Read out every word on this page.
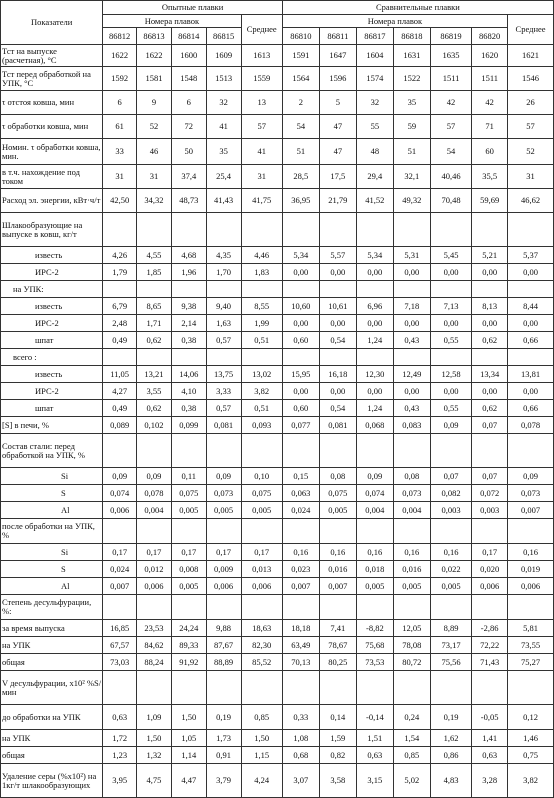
Показатели	Опытные плавки					Сравнительные плавки						
	Номера плавок				Среднее	Номера плавок						Среднее
	86812	86813	86814	86815		86810	86811	86817	86818	86819	86820	
Тст на выпуске (расчетная), °С	1622	1622	1600	1609	1613	1591	1647	1604	1631	1635	1620	1621
Тст перед обработкой на УПК, °С	1592	1581	1548	1513	1559	1564	1596	1574	1522	1511	1511	1546
τ отстоя ковша, мин	6	9	6	32	13	2	5	32	35	42	42	26
τ обработки ковша, мин	61	52	72	41	57	54	47	55	59	57	71	57
Номин. τ обработки ковша, мин.	33	46	50	35	41	51	47	48	51	54	60	52
в т.ч. нахождение под током	31	31	37,4	25,4	31	28,5	17,5	29,4	32,1	40,46	35,5	31
Расход эл. энергии, кВт·ч/т	42,50	34,32	48,73	41,43	41,75	36,95	21,79	41,52	49,32	70,48	59,69	46,62
Шлакообразующие на выпуске в ковш, кг/т												
известь	4,26	4,55	4,68	4,35	4,46	5,34	5,57	5,34	5,31	5,45	5,21	5,37
ИРС-2	1,79	1,85	1,96	1,70	1,83	0,00	0,00	0,00	0,00	0,00	0,00	0,00
на УПК:												
известь	6,79	8,65	9,38	9,40	8,55	10,60	10,61	6,96	7,18	7,13	8,13	8,44
ИРС-2	2,48	1,71	2,14	1,63	1,99	0,00	0,00	0,00	0,00	0,00	0,00	0,00
шпат	0,49	0,62	0,38	0,57	0,51	0,60	0,54	1,24	0,43	0,55	0,62	0,66
всего :												
известь	11,05	13,21	14,06	13,75	13,02	15,95	16,18	12,30	12,49	12,58	13,34	13,81
ИРС-2	4,27	3,55	4,10	3,33	3,82	0,00	0,00	0,00	0,00	0,00	0,00	0,00
шпат	0,49	0,62	0,38	0,57	0,51	0,60	0,54	1,24	0,43	0,55	0,62	0,66
[S] в печи, %	0,089	0,102	0,099	0,081	0,093	0,077	0,081	0,068	0,083	0,09	0,07	0,078
Состав стали: перед обработкой на УПК, %												
Si	0,09	0,09	0,11	0,09	0,10	0,15	0,08	0,09	0,08	0,07	0,07	0,09
S	0,074	0,078	0,075	0,073	0,075	0,063	0,075	0,074	0,073	0,082	0,072	0,073
Al	0,006	0,004	0,005	0,005	0,005	0,024	0,005	0,004	0,004	0,003	0,003	0,007
после обработки на УПК, %												
Si	0,17	0,17	0,17	0,17	0,17	0,16	0,16	0,16	0,16	0,16	0,17	0,16
S	0,024	0,012	0,008	0,009	0,013	0,023	0,016	0,018	0,016	0,022	0,020	0,019
Al	0,007	0,006	0,005	0,006	0,006	0,007	0,007	0,005	0,005	0,005	0,006	0,006
Степень десульфурации, %:												
за время выпуска	16,85	23,53	24,24	9,88	18,63	18,18	7,41	-8,82	12,05	8,89	-2,86	5,81
на УПК	67,57	84,62	89,33	87,67	82,30	63,49	78,67	75,68	78,08	73,17	72,22	73,55
общая	73,03	88,24	91,92	88,89	85,52	70,13	80,25	73,53	80,72	75,56	71,43	75,27
V десульфурации, х10² %S/мин												
до обработки на УПК	0,63	1,09	1,50	0,19	0,85	0,33	0,14	-0,14	0,24	0,19	-0,05	0,12
на УПК	1,72	1,50	1,05	1,73	1,50	1,08	1,59	1,51	1,54	1,62	1,41	1,46
общая	1,23	1,32	1,14	0,91	1,15	0,68	0,82	0,63	0,85	0,86	0,63	0,75
Удаление серы (%х10²) на 1кг/т шлакообразующих	3,95	4,75	4,47	3,79	4,24	3,07	3,58	3,15	5,02	4,83	3,28	3,82
